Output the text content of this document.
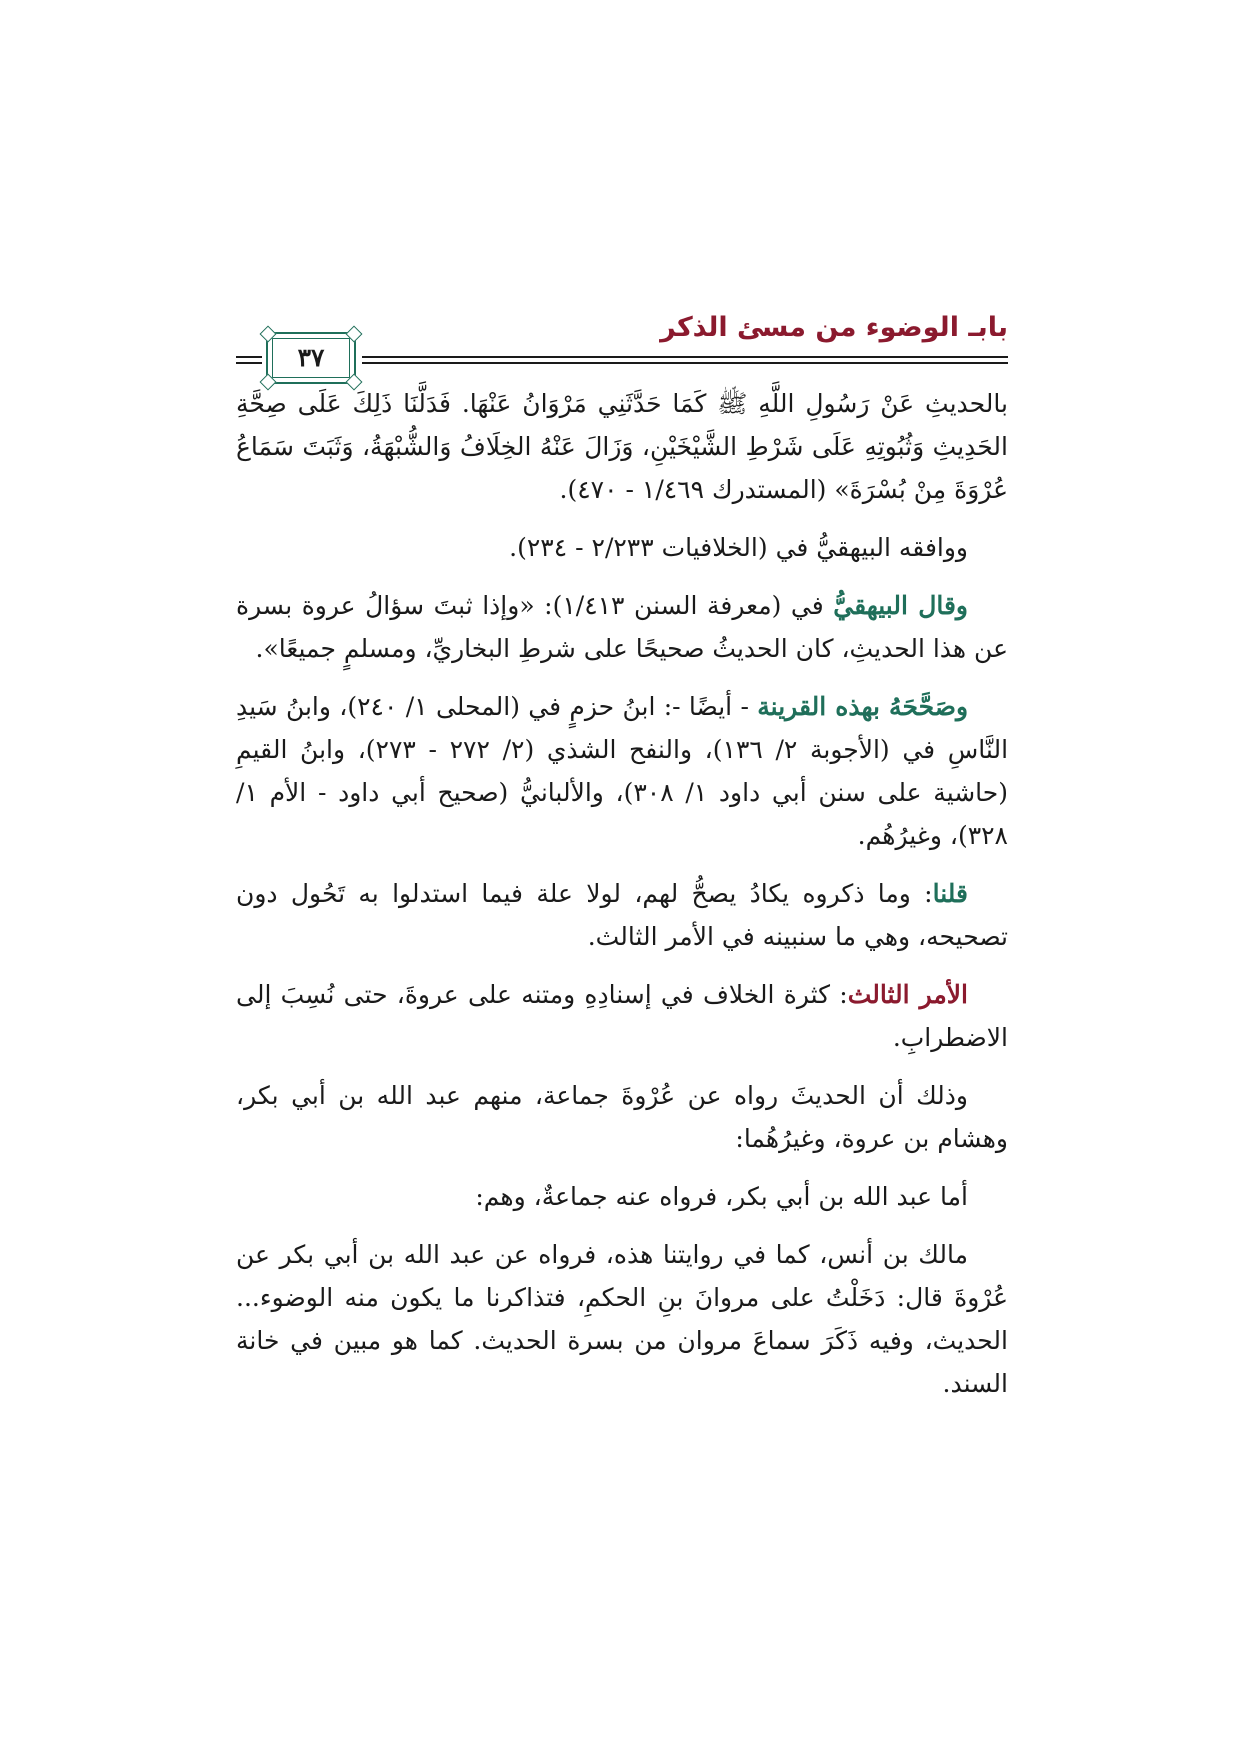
بابـ الوضوء من مسئ الذكر
٣٧

بالحديثِ عَنْ رَسُولِ اللَّهِ ﷺ كَمَا حَدَّثَنِي مَرْوَانُ عَنْهَا. فَدَلَّنَا ذَلِكَ عَلَى صِحَّةِ الحَدِيثِ وَثُبُوتِهِ عَلَى شَرْطِ الشَّيْخَيْنِ، وَزَالَ عَنْهُ الخِلَافُ وَالشُّبْهَةُ، وَثَبَتَ سَمَاعُ عُرْوَةَ مِنْ بُسْرَةَ» (المستدرك ١/٤٦٩ - ٤٧٠).

ووافقه البيهقيُّ في (الخلافيات ٢/٢٣٣ - ٢٣٤).

وقال البيهقيُّ في (معرفة السنن ١/٤١٣): «وإذا ثبتَ سؤالُ عروة بسرة عن هذا الحديثِ، كان الحديثُ صحيحًا على شرطِ البخاريِّ، ومسلمٍ جميعًا».

وصَحَّحَهُ بهذه القرينة - أيضًا -: ابنُ حزمٍ في (المحلى ١/ ٢٤٠)، وابنُ سَيدِ النَّاسِ في (الأجوبة ٢/ ١٣٦)، والنفح الشذي (٢/ ٢٧٢ - ٢٧٣)، وابنُ القيمِ (حاشية على سنن أبي داود ١/ ٣٠٨)، والألبانيُّ (صحيح أبي داود - الأم ١/ ٣٢٨)، وغيرُهُم.

قلنا: وما ذكروه يكادُ يصحُّ لهم، لولا علة فيما استدلوا به تَحُول دون تصحيحه، وهي ما سنبينه في الأمر الثالث.

الأمر الثالث: كثرة الخلاف في إسنادِهِ ومتنه على عروةَ، حتى نُسِبَ إلى الاضطرابِ.

وذلك أن الحديثَ رواه عن عُرْوةَ جماعة، منهم عبد الله بن أبي بكر، وهشام بن عروة، وغيرُهُما:

أما عبد الله بن أبي بكر، فرواه عنه جماعةٌ، وهم:

مالك بن أنس، كما في روايتنا هذه، فرواه عن عبد الله بن أبي بكر عن عُرْوةَ قال: دَخَلْتُ على مروانَ بنِ الحكمِ، فتذاكرنا ما يكون منه الوضوء... الحديث، وفيه ذَكَرَ سماعَ مروان من بسرة الحديث. كما هو مبين في خانة السند.
